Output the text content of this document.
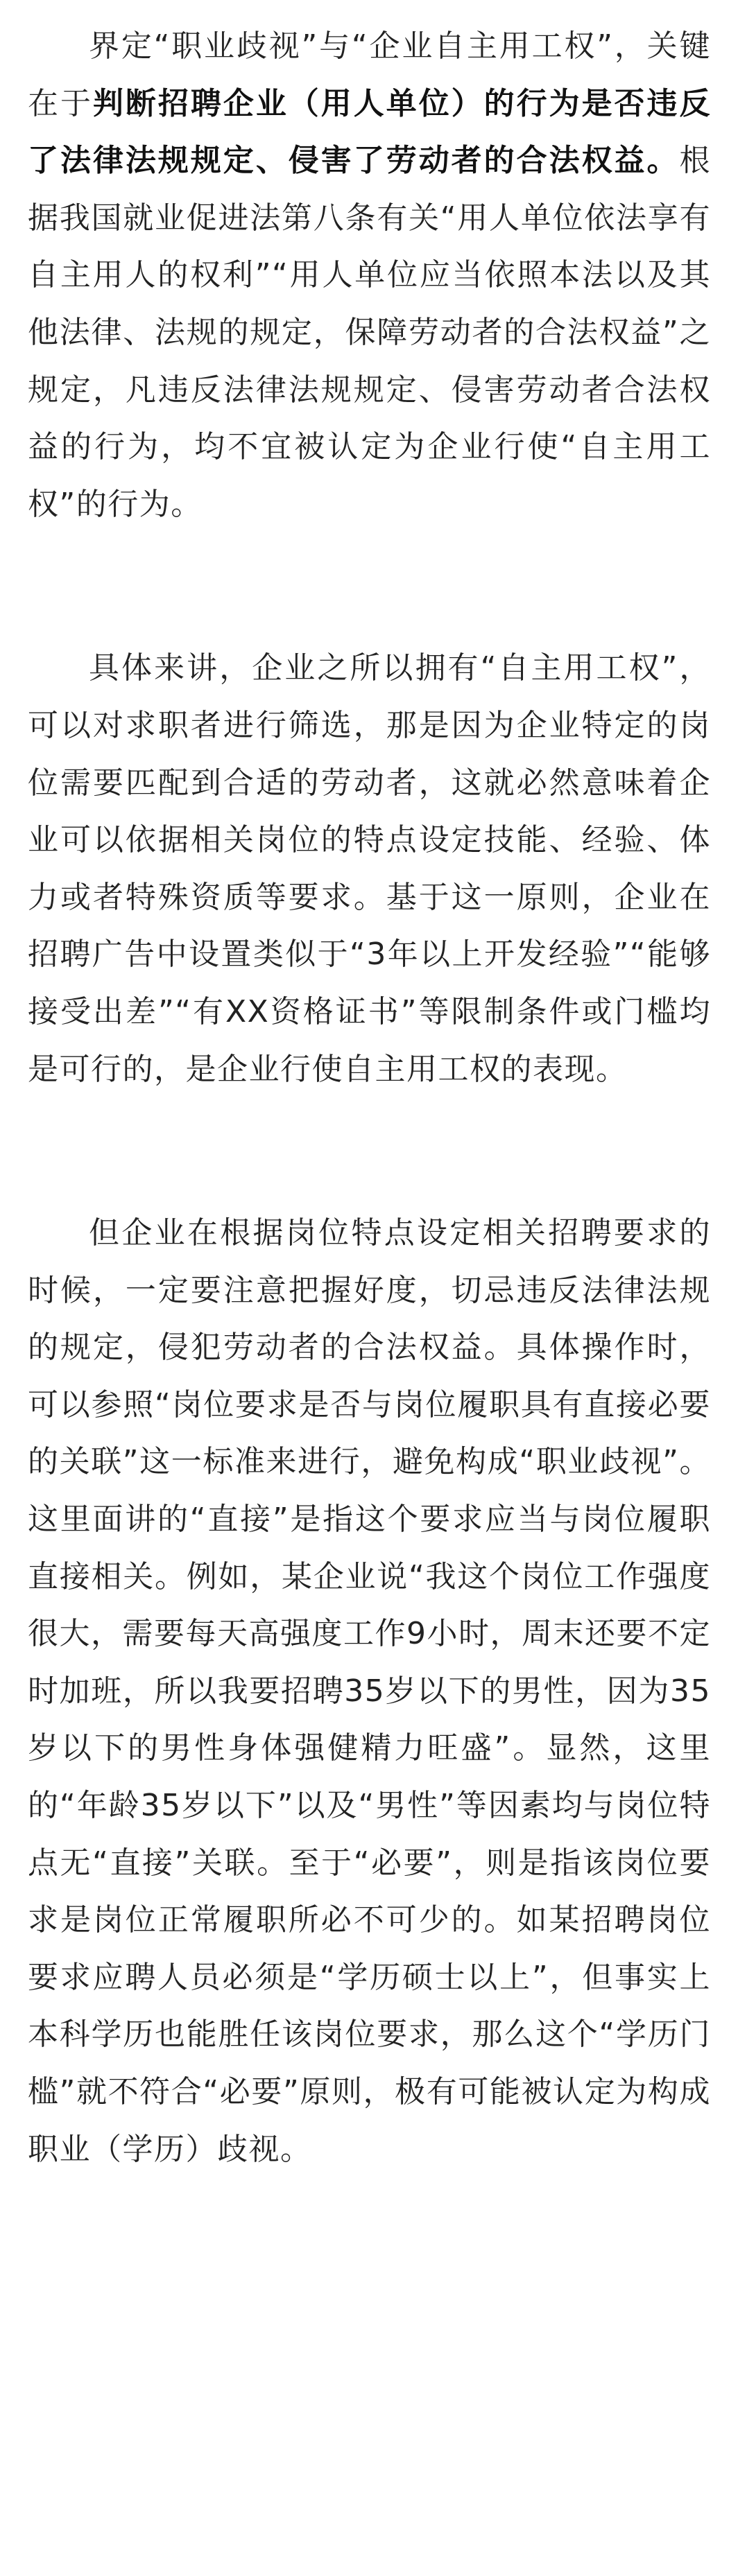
界定“职业歧视”与“企业自主用工权”，关键在于判断招聘企业（用人单位）的行为是否违反了法律法规规定、侵害了劳动者的合法权益。根据我国就业促进法第八条有关“用人单位依法享有自主用人的权利”“用人单位应当依照本法以及其他法律、法规的规定，保障劳动者的合法权益”之规定，凡违反法律法规规定、侵害劳动者合法权益的行为，均不宜被认定为企业行使“自主用工权”的行为。

具体来讲，企业之所以拥有“自主用工权”，可以对求职者进行筛选，那是因为企业特定的岗位需要匹配到合适的劳动者，这就必然意味着企业可以依据相关岗位的特点设定技能、经验、体力或者特殊资质等要求。基于这一原则，企业在招聘广告中设置类似于“3年以上开发经验”“能够接受出差”“有XX资格证书”等限制条件或门槛均是可行的，是企业行使自主用工权的表现。

但企业在根据岗位特点设定相关招聘要求的时候，一定要注意把握好度，切忌违反法律法规的规定，侵犯劳动者的合法权益。具体操作时，可以参照“岗位要求是否与岗位履职具有直接必要的关联”这一标准来进行，避免构成“职业歧视”。这里面讲的“直接”是指这个要求应当与岗位履职直接相关。例如，某企业说“我这个岗位工作强度很大，需要每天高强度工作9小时，周末还要不定时加班，所以我要招聘35岁以下的男性，因为35岁以下的男性身体强健精力旺盛”。显然，这里的“年龄35岁以下”以及“男性”等因素均与岗位特点无“直接”关联。至于“必要”，则是指该岗位要求是岗位正常履职所必不可少的。如某招聘岗位要求应聘人员必须是“学历硕士以上”，但事实上本科学历也能胜任该岗位要求，那么这个“学历门槛”就不符合“必要”原则，极有可能被认定为构成职业（学历）歧视。
